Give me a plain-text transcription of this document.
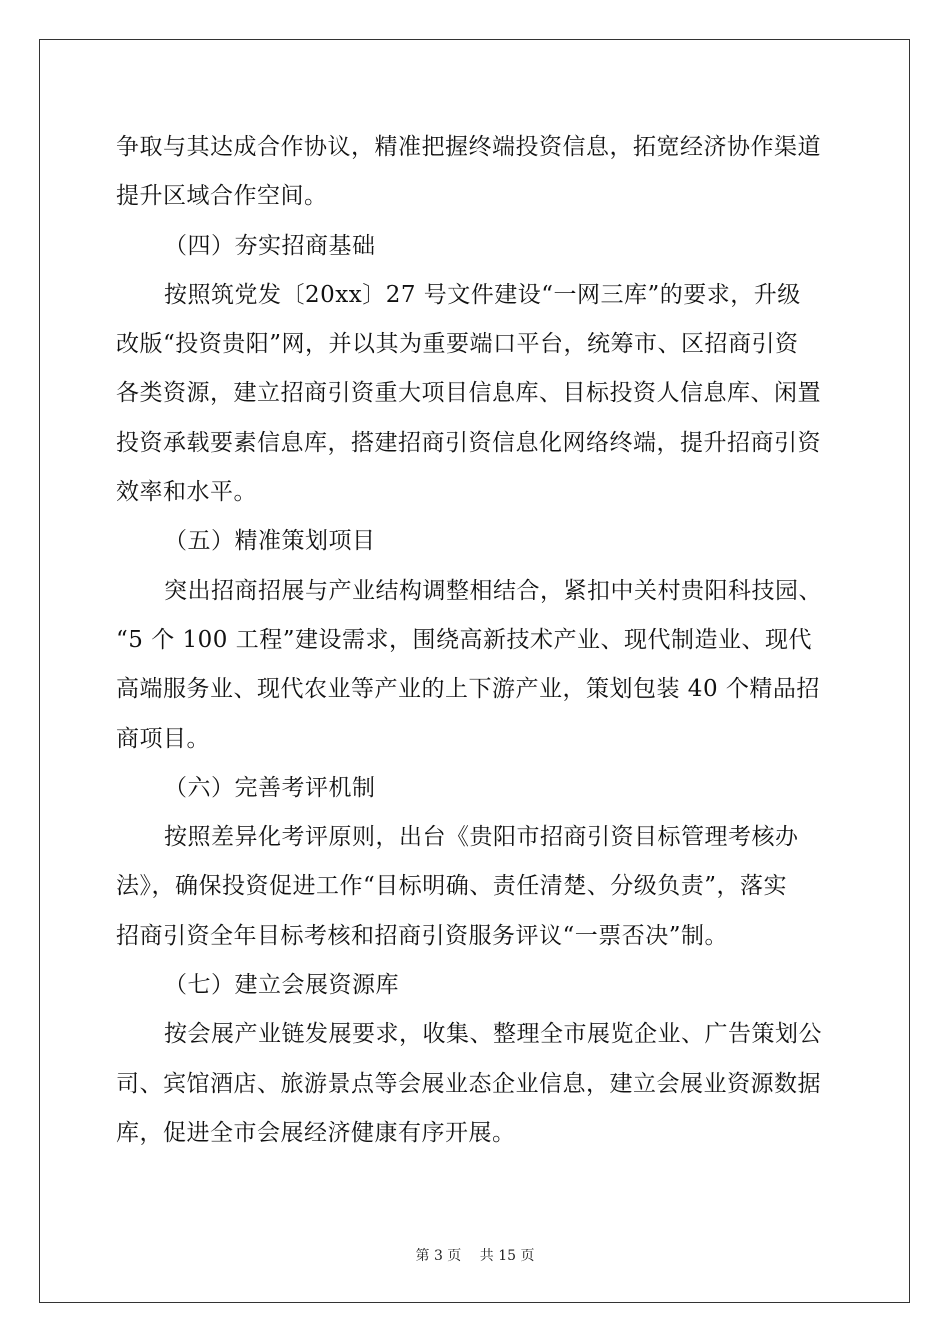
争取与其达成合作协议，精准把握终端投资信息，拓宽经济协作渠道
提升区域合作空间。
（四）夯实招商基础
按照筑党发〔20xx〕27 号文件建设“一网三库”的要求，升级
改版“投资贵阳”网，并以其为重要端口平台，统筹市、区招商引资
各类资源，建立招商引资重大项目信息库、目标投资人信息库、闲置
投资承载要素信息库，搭建招商引资信息化网络终端，提升招商引资
效率和水平。
（五）精准策划项目
突出招商招展与产业结构调整相结合，紧扣中关村贵阳科技园、
“5 个 100 工程”建设需求，围绕高新技术产业、现代制造业、现代
高端服务业、现代农业等产业的上下游产业，策划包装 40 个精品招
商项目。
（六）完善考评机制
按照差异化考评原则，出台《贵阳市招商引资目标管理考核办
法》，确保投资促进工作“目标明确、责任清楚、分级负责”，落实
招商引资全年目标考核和招商引资服务评议“一票否决”制。
（七）建立会展资源库
按会展产业链发展要求，收集、整理全市展览企业、广告策划公
司、宾馆酒店、旅游景点等会展业态企业信息，建立会展业资源数据
库，促进全市会展经济健康有序开展。
第 3 页 共 15 页
